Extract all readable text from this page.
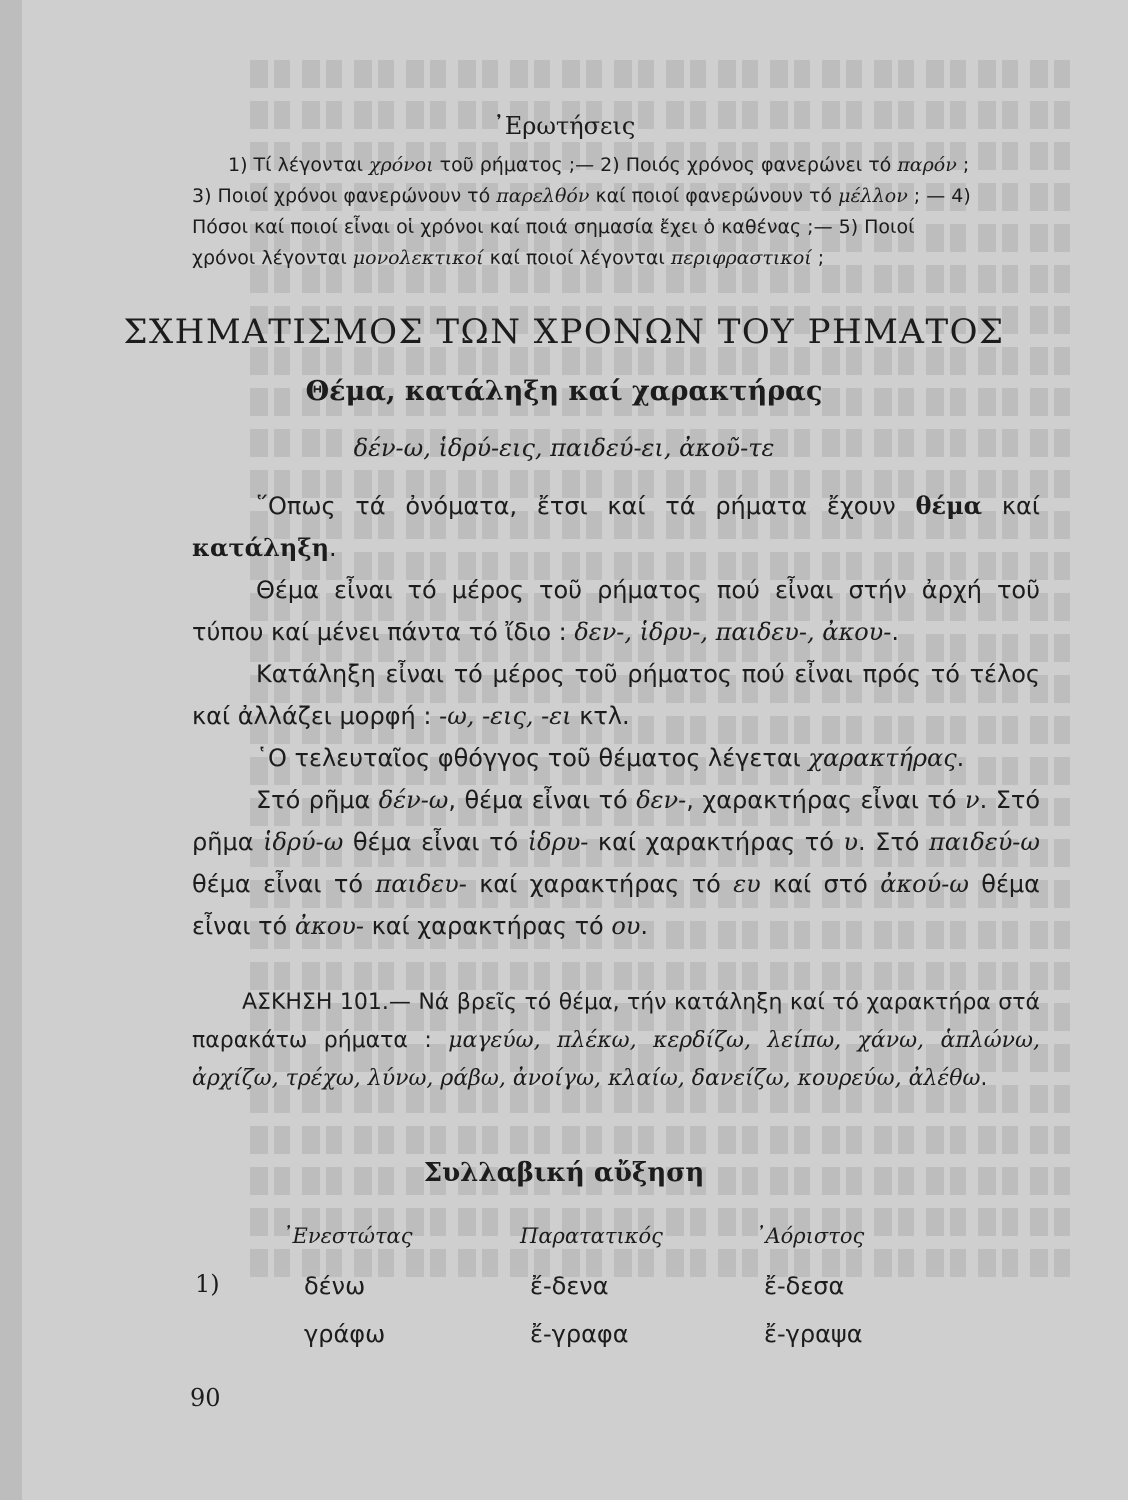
᾿Ερωτήσεις

1) Τί λέγονται χρόνοι τοῦ ρήματος ;— 2) Ποιός χρόνος φανερώνει τό παρόν ;

3) Ποιοί χρόνοι φανερώνουν τό παρελθόν καί ποιοί φανερώνουν τό μέλλον ; — 4)

Πόσοι καί ποιοί εἶναι οἱ χρόνοι καί ποιά σημασία ἔχει ὁ καθένας ;— 5) Ποιοί

χρόνοι λέγονται μονολεκτικοί καί ποιοί λέγονται περιφραστικοί ;

ΣΧΗΜΑΤΙΣΜΟΣ ΤΩΝ ΧΡΟΝΩΝ ΤΟΥ ΡΗΜΑΤΟΣ
Θέμα, κατάληξη καί χαρακτήρας
δέν-ω, ἱδρύ-εις, παιδεύ-ει, ἀκοῦ-τε

῞Οπως τά ὀνόματα, ἔτσι καί τά ρήματα ἔχουν θέμα καί κατάληξη.

Θέμα εἶναι τό μέρος τοῦ ρήματος πού εἶναι στήν ἀρχή τοῦ τύπου καί μένει πάντα τό ἴδιο : δεν-, ἱδρυ-, παιδευ-, ἀκου-.

Κατάληξη εἶναι τό μέρος τοῦ ρήματος πού εἶναι πρός τό τέλος καί ἀλλάζει μορφή : -ω, -εις, -ει κτλ.

῾Ο τελευταῖος φθόγγος τοῦ θέματος λέγεται χαρακτήρας.

Στό ρῆμα δέν-ω, θέμα εἶναι τό δεν-, χαρακτήρας εἶναι τό ν. Στό ρῆμα ἱδρύ-ω θέμα εἶναι τό ἱδρυ- καί χαρακτήρας τό υ. Στό παιδεύ-ω θέμα εἶναι τό παιδευ- καί χαρακτήρας τό ευ καί στό ἀκού-ω θέμα εἶναι τό ἀκου- καί χαρακτήρας τό ου.

ΑΣΚΗΣΗ 101.— Νά βρεῖς τό θέμα, τήν κατάληξη καί τό χαρακτήρα στά παρακάτω ρήματα : μαγεύω, πλέκω, κερδίζω, λείπω, χάνω, ἁπλώνω, ἀρχίζω, τρέχω, λύνω, ράβω, ἀνοίγω, κλαίω, δανείζω, κουρεύω, ἀλέθω.
Συλλαβική αὔξηση
᾿Ενεστώτας	Παρατατικός	᾿Αόριστος
1)	δένω	ἔ-δενα	ἔ-δεσα
γράφω	ἔ-γραφα	ἔ-γραψα
90
